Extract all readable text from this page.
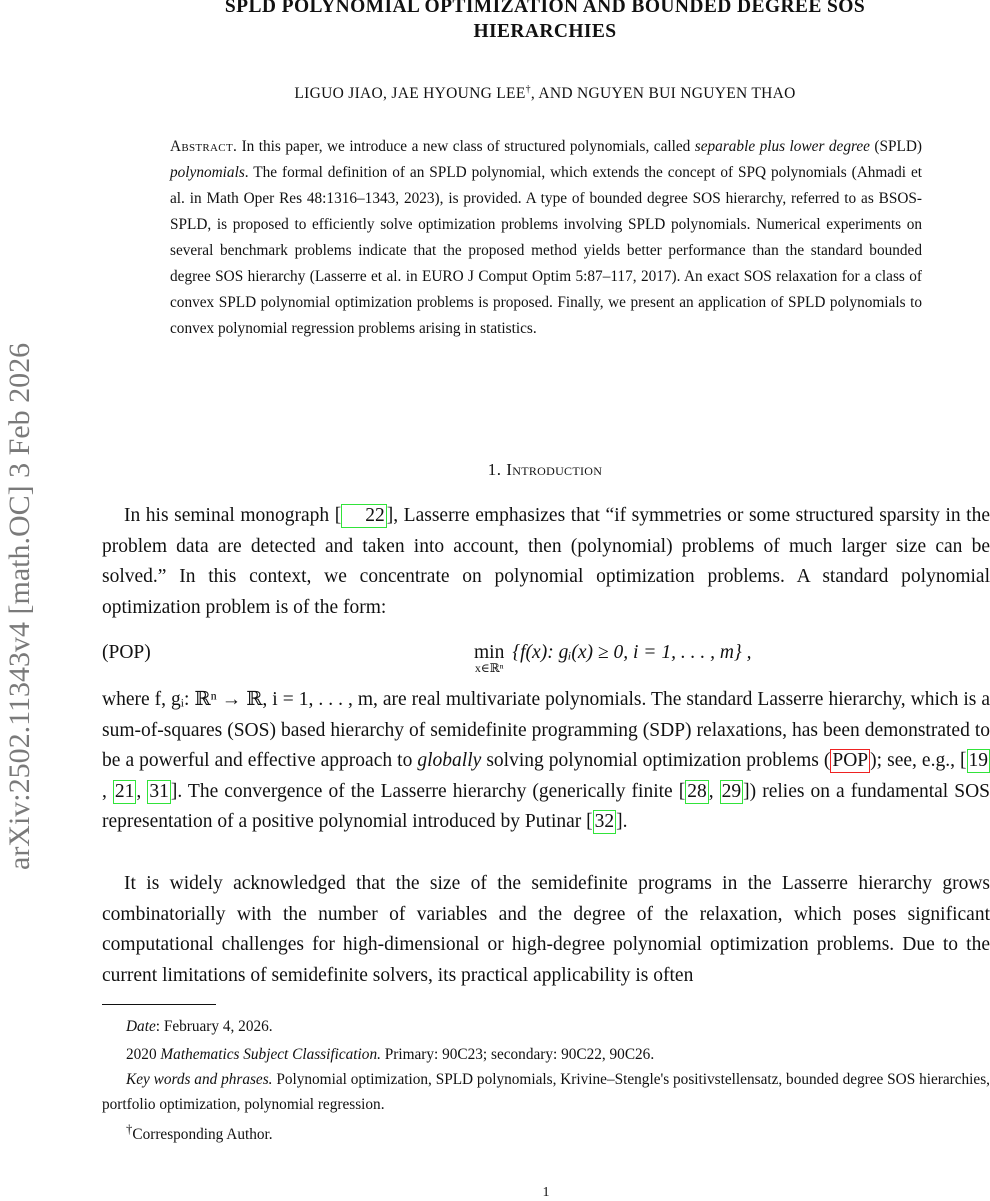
arXiv:2502.11343v4 [math.OC] 3 Feb 2026
SPLD POLYNOMIAL OPTIMIZATION AND BOUNDED DEGREE SOS
HIERARCHIES
LIGUO JIAO, JAE HYOUNG LEE†, AND NGUYEN BUI NGUYEN THAO

Abstract. In this paper, we introduce a new class of structured polynomials, called separable plus lower degree (SPLD) polynomials. The formal definition of an SPLD polynomial, which extends the concept of SPQ polynomials (Ahmadi et al. in Math Oper Res 48:1316–1343, 2023), is provided. A type of bounded degree SOS hierarchy, referred to as BSOS-SPLD, is proposed to efficiently solve optimization problems involving SPLD polynomials. Numerical experiments on several benchmark problems indicate that the proposed method yields better performance than the standard bounded degree SOS hierarchy (Lasserre et al. in EURO J Comput Optim 5:87–117, 2017). An exact SOS relaxation for a class of convex SPLD polynomial optimization problems is proposed. Finally, we present an application of SPLD polynomials to convex polynomial regression problems arising in statistics.

1. Introduction

In his seminal monograph [ 22 ], Lasserre emphasizes that “if symmetries or some structured sparsity in the problem data are detected and taken into account, then (polynomial) problems of much larger size can be solved.” In this context, we concentrate on polynomial optimization problems. A standard polynomial optimization problem is of the form:

(POP)	min
x∈ℝⁿ
{f(x): gᵢ(x) ≥ 0, i = 1, . . . , m} ,

where f, gᵢ: ℝⁿ → ℝ, i = 1, . . . , m, are real multivariate polynomials. The standard Lasserre hierarchy, which is a sum-of-squares (SOS) based hierarchy of semidefinite programming (SDP) relaxations, has been demonstrated to be a powerful and effective approach to globally solving polynomial optimization problems ( POP ); see, e.g., [ 19, 21 , 31 ]. The convergence of the Lasserre hierarchy (generically finite [ 28 , 29 ]) relies on a fundamental SOS representation of a positive polynomial introduced by Putinar [ 32 ].

It is widely acknowledged that the size of the semidefinite programs in the Lasserre hierarchy grows combinatorially with the number of variables and the degree of the relaxation, which poses significant computational challenges for high-dimensional or high-degree polynomial optimization problems. Due to the current limitations of semidefinite solvers, its practical applicability is often

Date: February 4, 2026.

2020 Mathematics Subject Classification. Primary: 90C23; secondary: 90C22, 90C26.

Key words and phrases. Polynomial optimization, SPLD polynomials, Krivine–Stengle's positivstellensatz, bounded degree SOS hierarchies, portfolio optimization, polynomial regression.

†Corresponding Author.

1
